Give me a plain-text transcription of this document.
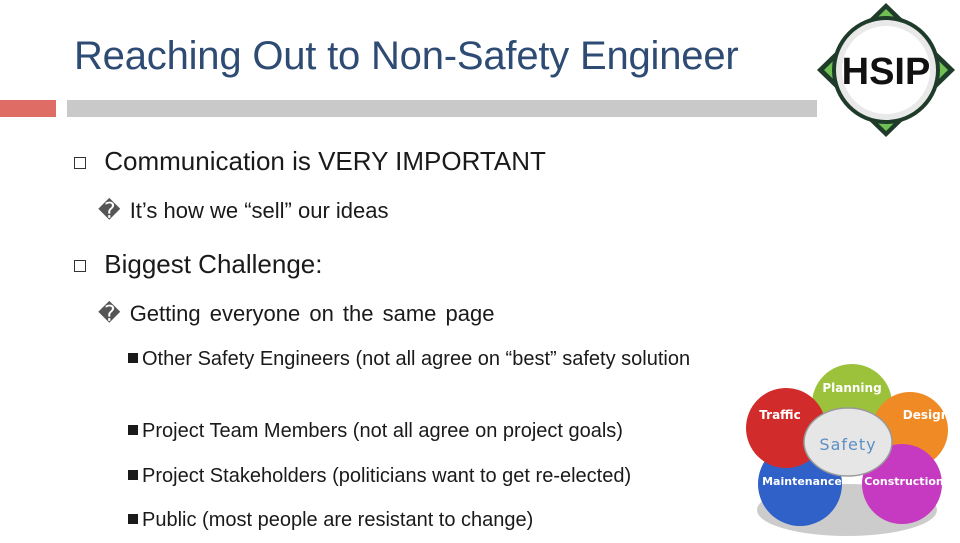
Reaching Out to Non-Safety Engineer	HSIP
Communication is VERY IMPORTANT
� It’s how we “sell” our ideas
Biggest Challenge:
� Getting everyone on the same page
Other Safety Engineers (not all agree on “best” safety solution
Project Team Members (not all agree on project goals)
Project Stakeholders (politicians want to get re-elected)
Public (most people are resistant to change)
Safety
Planning
Design
Construction
Maintenance
Traffic
